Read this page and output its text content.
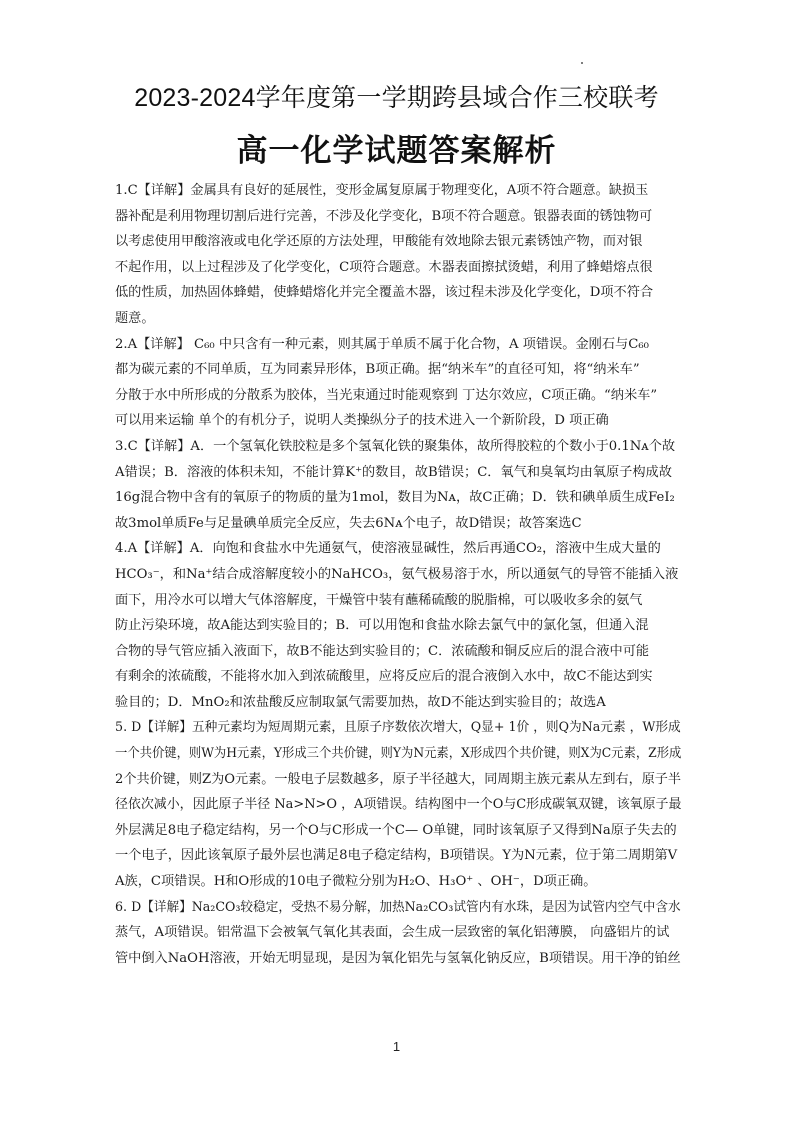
2023-2024学年度第一学期跨县域合作三校联考
高一化学试题答案解析
1.C【详解】金属具有良好的延展性，变形金属复原属于物理变化，A项不符合题意。缺损玉
器补配是利用物理切割后进行完善，不涉及化学变化，B项不符合题意。银器表面的锈蚀物可
以考虑使用甲酸溶液或电化学还原的方法处理，甲酸能有效地除去银元素锈蚀产物，而对银
不起作用，以上过程涉及了化学变化，C项符合题意。木器表面擦拭烫蜡，利用了蜂蜡熔点很
低的性质，加热固体蜂蜡，使蜂蜡熔化并完全覆盖木器，该过程未涉及化学变化，D项不符合
题意。
2.A【详解】 C₆₀ 中只含有一种元素，则其属于单质不属于化合物，A 项错误。金刚石与C₆₀
都为碳元素的不同单质，互为同素异形体，B项正确。据“纳米车”的直径可知，将“纳米车”
分散于水中所形成的分散系为胶体，当光束通过时能观察到 丁达尔效应，C项正确。“纳米车”
可以用来运输 单个的有机分子，说明人类操纵分子的技术进入一个新阶段，D 项正确
3.C【详解】A．一个氢氧化铁胶粒是多个氢氧化铁的聚集体，故所得胶粒的个数小于0.1Nᴀ个故
A错误；B．溶液的体积未知，不能计算K⁺的数目，故B错误；C．氧气和臭氧均由氧原子构成故
16g混合物中含有的氧原子的物质的量为1mol，数目为Nᴀ，故C正确；D．铁和碘单质生成FeI₂
故3mol单质Fe与足量碘单质完全反应，失去6Nᴀ个电子，故D错误；故答案选C
4.A【详解】A．向饱和食盐水中先通氨气，使溶液显碱性，然后再通CO₂，溶液中生成大量的
HCO₃⁻，和Na⁺结合成溶解度较小的NaHCO₃，氨气极易溶于水，所以通氨气的导管不能插入液
面下，用冷水可以增大气体溶解度，干燥管中装有蘸稀硫酸的脱脂棉，可以吸收多余的氨气
防止污染环境，故A能达到实验目的；B．可以用饱和食盐水除去氯气中的氯化氢，但通入混
合物的导气管应插入液面下，故B不能达到实验目的；C．浓硫酸和铜反应后的混合液中可能
有剩余的浓硫酸，不能将水加入到浓硫酸里，应将反应后的混合液倒入水中，故C不能达到实
验目的；D．MnO₂和浓盐酸反应制取氯气需要加热，故D不能达到实验目的；故选A
5. D【详解】五种元素均为短周期元素，且原子序数依次增大，Q显+ 1价 ，则Q为Na元素 ，W形成
一个共价键，则W为H元素，Y形成三个共价键，则Y为N元素，X形成四个共价键，则X为C元素，Z形成
2个共价键，则Z为O元素。一般电子层数越多，原子半径越大，同周期主族元素从左到右，原子半
径依次减小，因此原子半径 Na>N>O ，A项错误。结构图中一个O与C形成碳氧双键，该氧原子最
外层满足8电子稳定结构，另一个O与C形成一个C— O单键，同时该氧原子又得到Na原子失去的
一个电子，因此该氧原子最外层也满足8电子稳定结构，B项错误。Y为N元素，位于第二周期第Ⅴ
A族，C项错误。H和O形成的10电子微粒分别为H₂O、H₃O⁺ 、OH⁻，D项正确。
6. D【详解】Na₂CO₃较稳定，受热不易分解，加热Na₂CO₃试管内有水珠，是因为试管内空气中含水
蒸气，A项错误。铝常温下会被氧气氧化其表面，会生成一层致密的氧化铝薄膜， 向盛铝片的试
管中倒入NaOH溶液，开始无明显现，是因为氧化铝先与氢氧化钠反应，B项错误。用干净的铂丝
1
